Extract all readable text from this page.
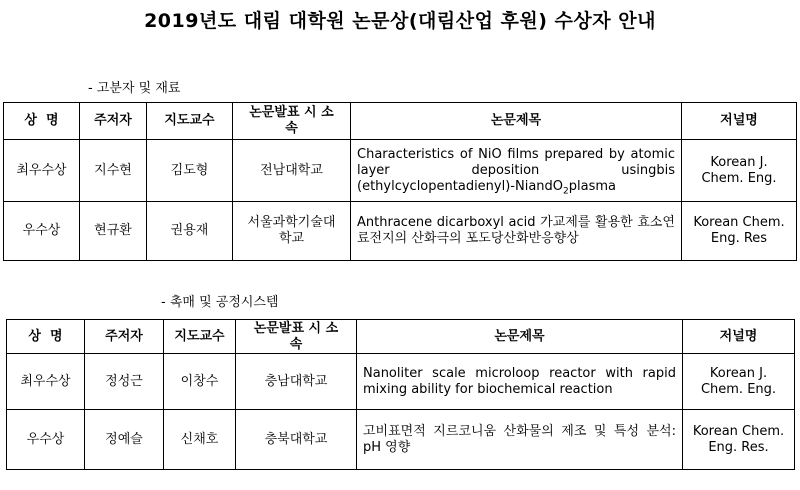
2019년도 대림 대학원 논문상(대림산업 후원) 수상자 안내
- 고분자 및 재료
상  명	주저자	지도교수	논문발표 시 소속	논문제목	저널명
최우수상	지수현	김도형	전남대학교	Characteristics of NiO films prepared by atomic layer deposition usingbis (ethylcyclopentadienyl)-NiandO$_2$plasma	Korean J. Chem. Eng.
우수상	현규환	권용재	서울과학기술대학교	Anthracene dicarboxyl acid 가교제를 활용한 효소연료전지의 산화극의 포도당산화반응향상	Korean Chem. Eng. Res
- 촉매 및 공정시스템
상  명	주저자	지도교수	논문발표 시 소속	논문제목	저널명
최우수상	정성근	이창수	충남대학교	Nanoliter scale microloop reactor with rapid mixing ability for biochemical reaction	Korean J. Chem. Eng.
우수상	정예슬	신채호	충북대학교	고비표면적 지르코니움 산화물의 제조 및 특성 분석: pH 영향	Korean Chem. Eng. Res.
